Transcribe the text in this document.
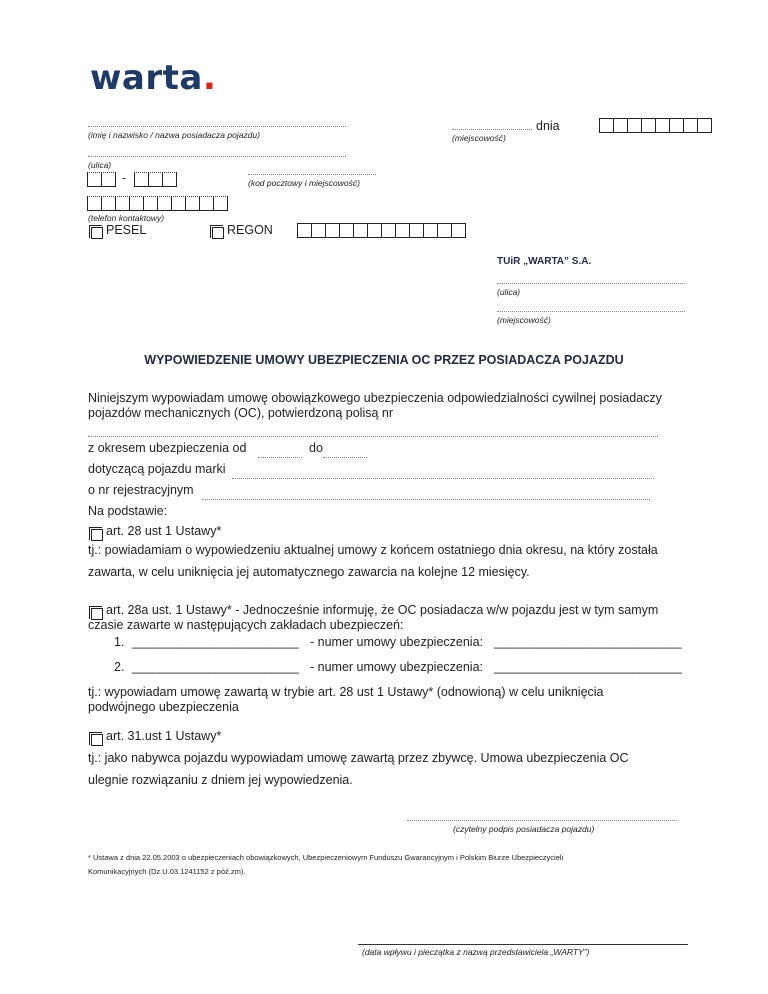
warta.
(imię i nazwisko / nazwa posiadacza pojazdu)
dnia
(miejscowość)
(ulica)
-	(kod pocztowy i miejscowość)
(telefon kontaktowy)
PESEL	REGON
TUiR „WARTA” S.A.
(ulica)
(miejscowość)
WYPOWIEDZENIE UMOWY UBEZPIECZENIA OC PRZEZ POSIADACZA POJAZDU
Niniejszym wypowiadam umowę obowiązkowego ubezpieczenia odpowiedzialności cywilnej posiadaczy
pojazdów mechanicznych (OC), potwierdzoną polisą nr
z okresem ubezpieczenia od	do
dotyczącą pojazdu marki
o nr rejestracyjnym
Na podstawie:
art. 28 ust 1 Ustawy*
tj.: powiadamiam o wypowiedzeniu aktualnej umowy z końcem ostatniego dnia okresu, na który została
zawarta, w celu uniknięcia jej automatycznego zawarcia na kolejne 12 miesięcy.
art. 28a ust. 1 Ustawy* - Jednocześnie informuję, że OC posiadacza w/w pojazdu jest w tym samym
czasie zawarte w następujących zakładach ubezpieczeń:
1. ________________________ - numer umowy ubezpieczenia: ___________________________
2. ________________________ - numer umowy ubezpieczenia: ___________________________
tj.: wypowiadam umowę zawartą w trybie art. 28 ust 1 Ustawy* (odnowioną) w celu uniknięcia
podwójnego ubezpieczenia
art. 31.ust 1 Ustawy*
tj.: jako nabywca pojazdu wypowiadam umowę zawartą przez zbywcę. Umowa ubezpieczenia OC
ulegnie rozwiązaniu z dniem jej wypowiedzenia.
(czytelny podpis posiadacza pojazdu)
* Ustawa z dnia 22.05.2003 o ubezpieczeniach obowiązkowych, Ubezpieczeniowym Funduszu Gwarancyjnym i Polskim Biurze Ubezpieczycieli
Komunikacyjnych (Dz.U.03.1241152 z póź.zm).
(data wpływu i pieczątka z nazwą przedstawiciela „WARTY”)
